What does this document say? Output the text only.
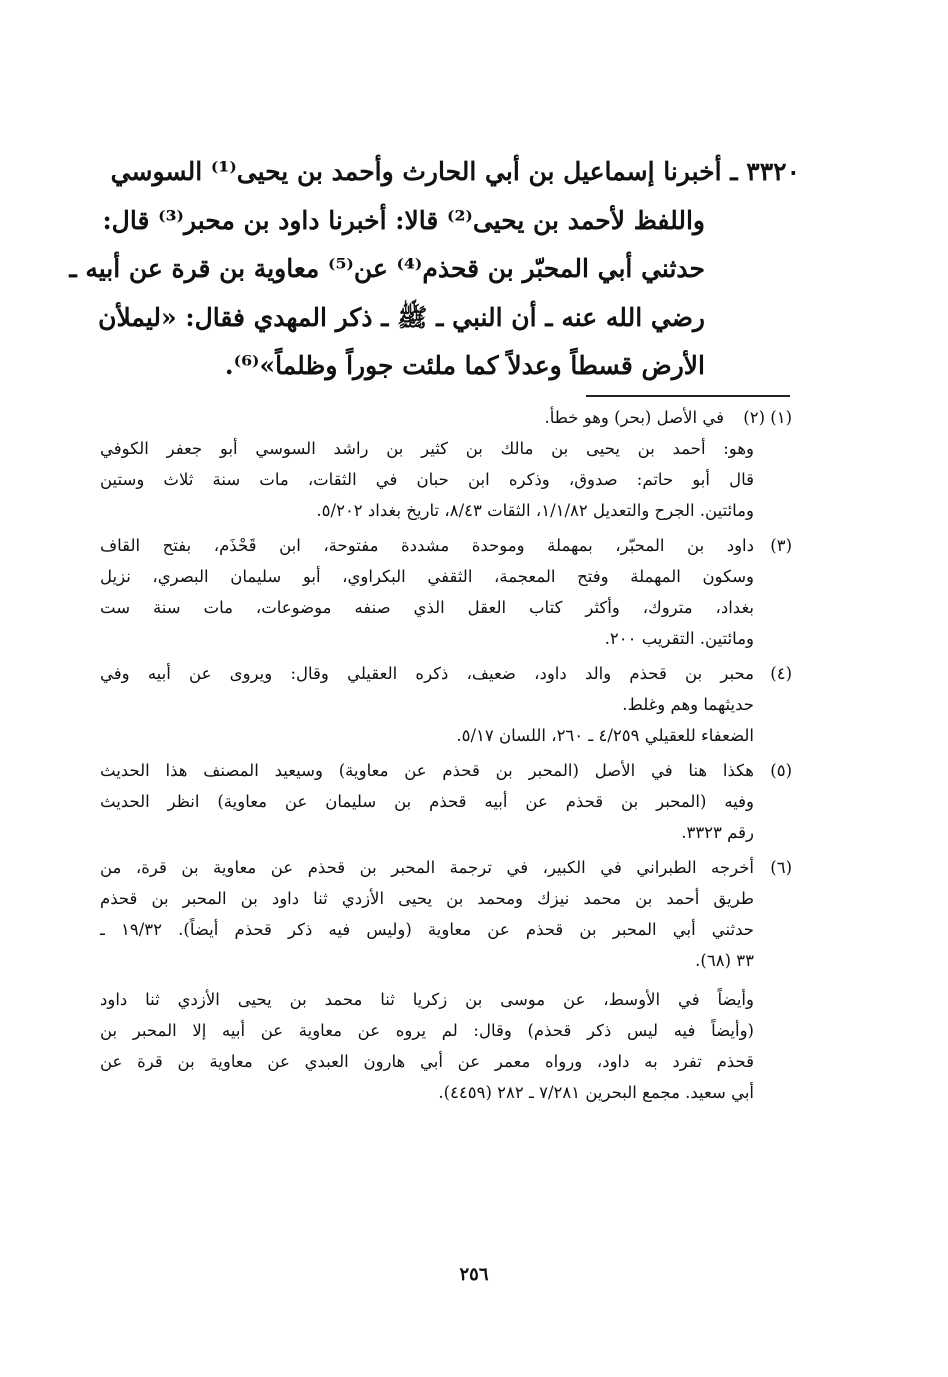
٣٣٢٠ ـ أخبرنا إسماعيل بن أبي الحارث وأحمد بن يحيى⁽¹⁾ السوسي
واللفظ لأحمد بن يحيى⁽²⁾ قالا: أخبرنا داود بن محبر⁽³⁾ قال:
حدثني أبي المحبّر بن قحذم⁽⁴⁾ عن⁽⁵⁾ معاوية بن قرة عن أبيه ـ
رضي الله عنه ـ أن النبي ـ ﷺ ـ ذكر المهدي فقال: «ليملأن
الأرض قسطاً وعدلاً كما ملئت جوراً وظلماً»⁽⁶⁾.
(١) (٢)
في الأصل (بحر) وهو خطأ.
وهو: أحمد بن يحيى بن مالك بن كثير بن راشد السوسي أبو جعفر الكوفي
قال أبو حاتم: صدوق، وذكره ابن حبان في الثقات، مات سنة ثلاث وستين
ومائتين. الجرح والتعديل ١/١/٨٢، الثقات ٨/٤٣، تاريخ بغداد ٥/٢٠٢.
(٣)
داود بن المحبّر، بمهملة وموحدة مشددة مفتوحة، ابن قَحْذَم، بفتح القاف
وسكون المهملة وفتح المعجمة، الثقفي البكراوي، أبو سليمان البصري، نزيل
بغداد، متروك، وأكثر كتاب العقل الذي صنفه موضوعات، مات سنة ست
ومائتين. التقريب ٢٠٠.
(٤)
محبر بن قحذم والد داود، ضعيف، ذكره العقيلي وقال: ويروى عن أبيه وفي
حديثهما وهم وغلط.
الضعفاء للعقيلي ٤/٢٥٩ ـ ٢٦٠، اللسان ٥/١٧.
(٥)
هكذا هنا في الأصل (المحبر بن قحذم عن معاوية) وسيعيد المصنف هذا الحديث
وفيه (المحبر بن قحذم عن أبيه قحذم بن سليمان عن معاوية) انظر الحديث
رقم ٣٣٢٣.
(٦)
أخرجه الطبراني في الكبير، في ترجمة المحبر بن قحذم عن معاوية بن قرة، من
طريق أحمد بن محمد نيزك ومحمد بن يحيى الأزدي ثنا داود بن المحبر بن قحذم
حدثني أبي المحبر بن قحذم عن معاوية (وليس فيه ذكر قحذم أيضاً). ١٩/٣٢ ـ
٣٣ (٦٨).
وأيضاً في الأوسط، عن موسى بن زكريا ثنا محمد بن يحيى الأزدي ثنا داود
(وأيضاً فيه ليس ذكر قحذم) وقال: لم يروه عن معاوية عن أبيه إلا المحبر بن
قحذم تفرد به داود، ورواه معمر عن أبي هارون العبدي عن معاوية بن قرة عن
أبي سعيد. مجمع البحرين ٧/٢٨١ ـ ٢٨٢ (٤٤٥٩).
٢٥٦
